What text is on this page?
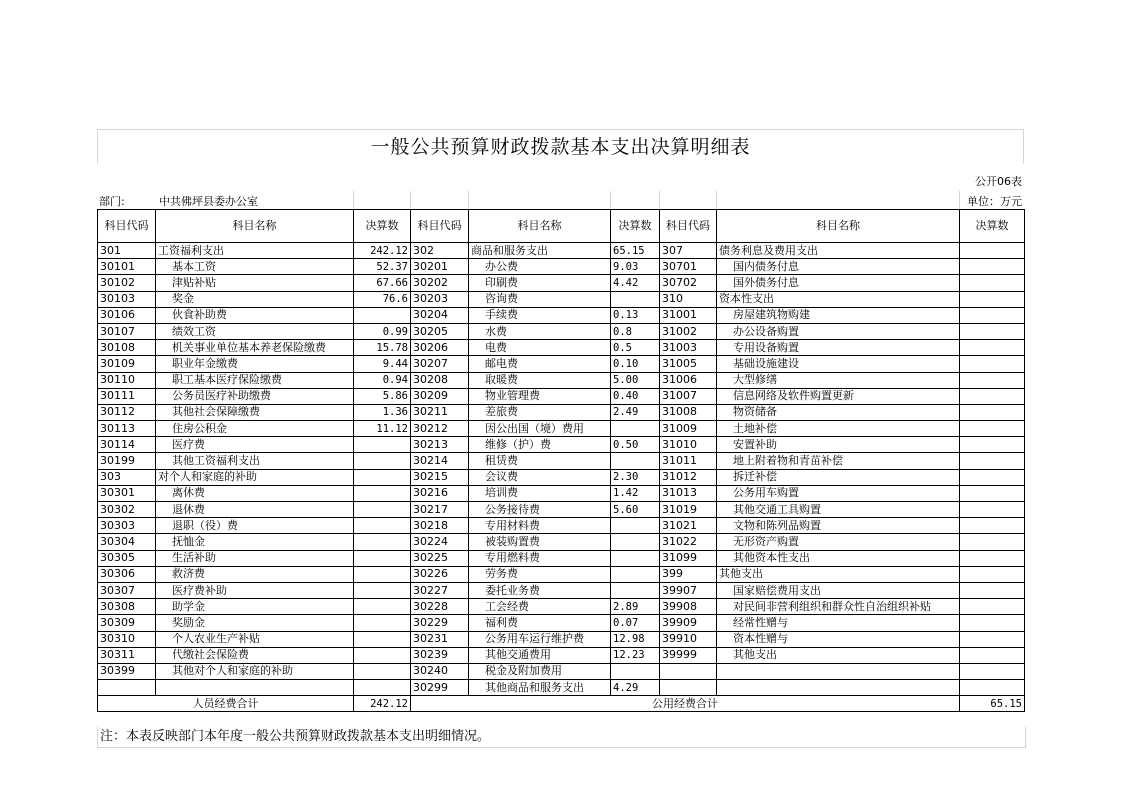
一般公共预算财政拨款基本支出决算明细表
公开06表
部门:	中共佛坪县委办公室	单位：万元
科目代码	科目名称	决算数	科目代码	科目名称	决算数	科目代码	科目名称	决算数
301	工资福利支出	242.12	302	商品和服务支出	65.15	307	债务利息及费用支出	
30101	基本工资	52.37	30201	办公费	9.03	30701	国内债务付息	
30102	津贴补贴	67.66	30202	印刷费	4.42	30702	国外债务付息	
30103	奖金	76.6	30203	咨询费		310	资本性支出	
30106	伙食补助费		30204	手续费	0.13	31001	房屋建筑物购建	
30107	绩效工资	0.99	30205	水费	0.8	31002	办公设备购置	
30108	机关事业单位基本养老保险缴费	15.78	30206	电费	0.5	31003	专用设备购置	
30109	职业年金缴费	9.44	30207	邮电费	0.10	31005	基础设施建设	
30110	职工基本医疗保险缴费	0.94	30208	取暖费	5.00	31006	大型修缮	
30111	公务员医疗补助缴费	5.86	30209	物业管理费	0.40	31007	信息网络及软件购置更新	
30112	其他社会保障缴费	1.36	30211	差旅费	2.49	31008	物资储备	
30113	住房公积金	11.12	30212	因公出国（境）费用		31009	土地补偿	
30114	医疗费		30213	维修（护）费	0.50	31010	安置补助	
30199	其他工资福利支出		30214	租赁费		31011	地上附着物和青苗补偿	
303	对个人和家庭的补助		30215	会议费	2.30	31012	拆迁补偿	
30301	离休费		30216	培训费	1.42	31013	公务用车购置	
30302	退休费		30217	公务接待费	5.60	31019	其他交通工具购置	
30303	退职（役）费		30218	专用材料费		31021	文物和陈列品购置	
30304	抚恤金		30224	被装购置费		31022	无形资产购置	
30305	生活补助		30225	专用燃料费		31099	其他资本性支出	
30306	救济费		30226	劳务费		399	其他支出	
30307	医疗费补助		30227	委托业务费		39907	国家赔偿费用支出	
30308	助学金		30228	工会经费	2.89	39908	对民间非营利组织和群众性自治组织补贴	
30309	奖励金		30229	福利费	0.07	39909	经常性赠与	
30310	个人农业生产补贴		30231	公务用车运行维护费	12.98	39910	资本性赠与	
30311	代缴社会保险费		30239	其他交通费用	12.23	39999	其他支出	
30399	其他对个人和家庭的补助		30240	税金及附加费用				
			30299	其他商品和服务支出	4.29			
人员经费合计		242.12	公用经费合计					65.15
注：本表反映部门本年度一般公共预算财政拨款基本支出明细情况。
